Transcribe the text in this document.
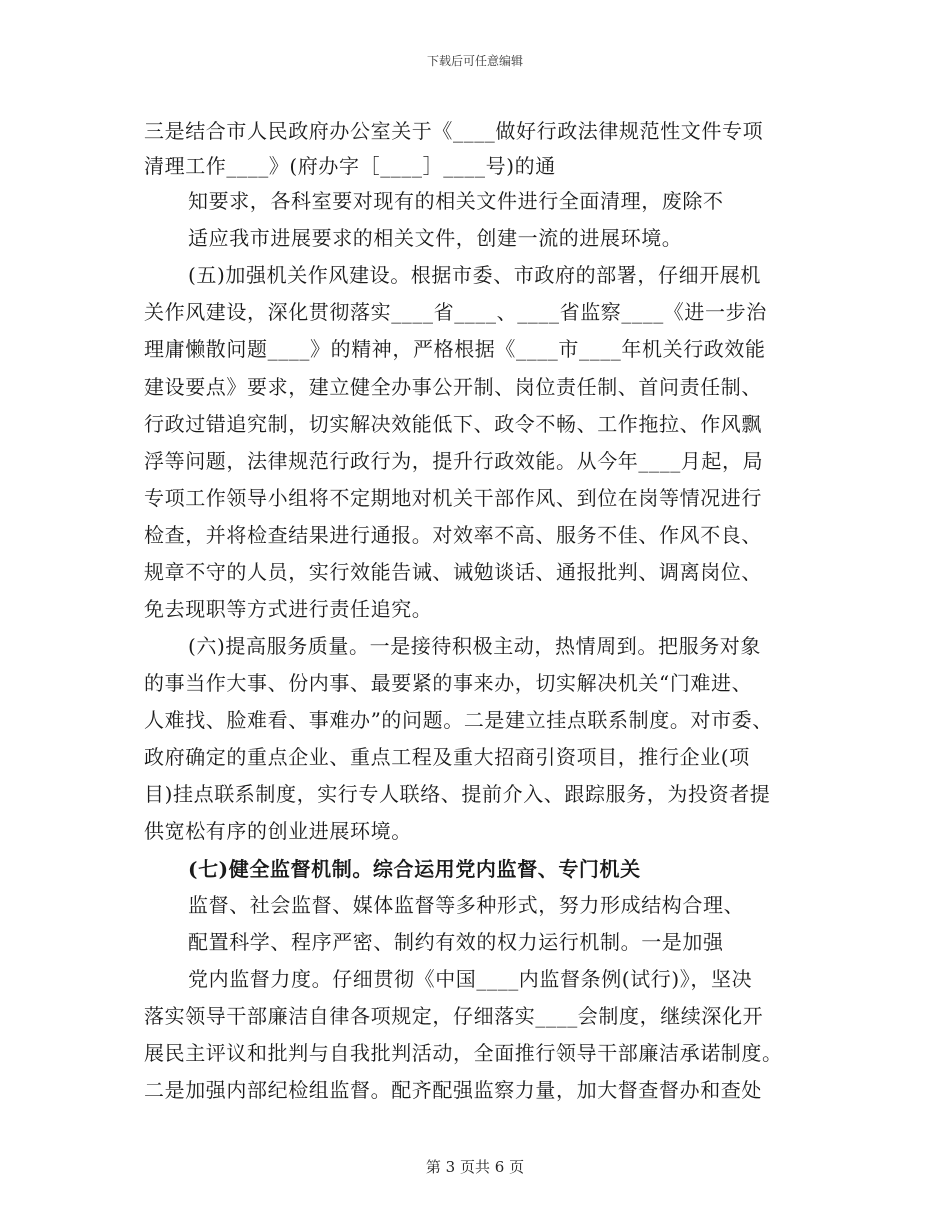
下载后可任意编辑
三是结合市人民政府办公室关于《____做好行政法律规范性文件专项
清理工作____》(府办字［____］____号)的通
知要求，各科室要对现有的相关文件进行全面清理，废除不
适应我市进展要求的相关文件，创建一流的进展环境。
(五)加强机关作风建设。根据市委、市政府的部署，仔细开展机
关作风建设，深化贯彻落实____省____、____省监察____《进一步治
理庸懒散问题____》的精神，严格根据《____市____年机关行政效能
建设要点》要求，建立健全办事公开制、岗位责任制、首问责任制、
行政过错追究制，切实解决效能低下、政令不畅、工作拖拉、作风飘
浮等问题，法律规范行政行为，提升行政效能。从今年____月起，局
专项工作领导小组将不定期地对机关干部作风、到位在岗等情况进行
检查，并将检查结果进行通报。对效率不高、服务不佳、作风不良、
规章不守的人员，实行效能告诫、诫勉谈话、通报批判、调离岗位、
免去现职等方式进行责任追究。
(六)提高服务质量。一是接待积极主动，热情周到。把服务对象
的事当作大事、份内事、最要紧的事来办，切实解决机关“门难进、
人难找、脸难看、事难办”的问题。二是建立挂点联系制度。对市委、
政府确定的重点企业、重点工程及重大招商引资项目，推行企业(项
目)挂点联系制度，实行专人联络、提前介入、跟踪服务，为投资者提
供宽松有序的创业进展环境。
(七)健全监督机制。综合运用党内监督、专门机关
监督、社会监督、媒体监督等多种形式，努力形成结构合理、
配置科学、程序严密、制约有效的权力运行机制。一是加强
党内监督力度。仔细贯彻《中国____内监督条例(试行)》，坚决
落实领导干部廉洁自律各项规定，仔细落实____会制度，继续深化开
展民主评议和批判与自我批判活动，全面推行领导干部廉洁承诺制度。
二是加强内部纪检组监督。配齐配强监察力量，加大督查督办和查处
第 3 页共 6 页
